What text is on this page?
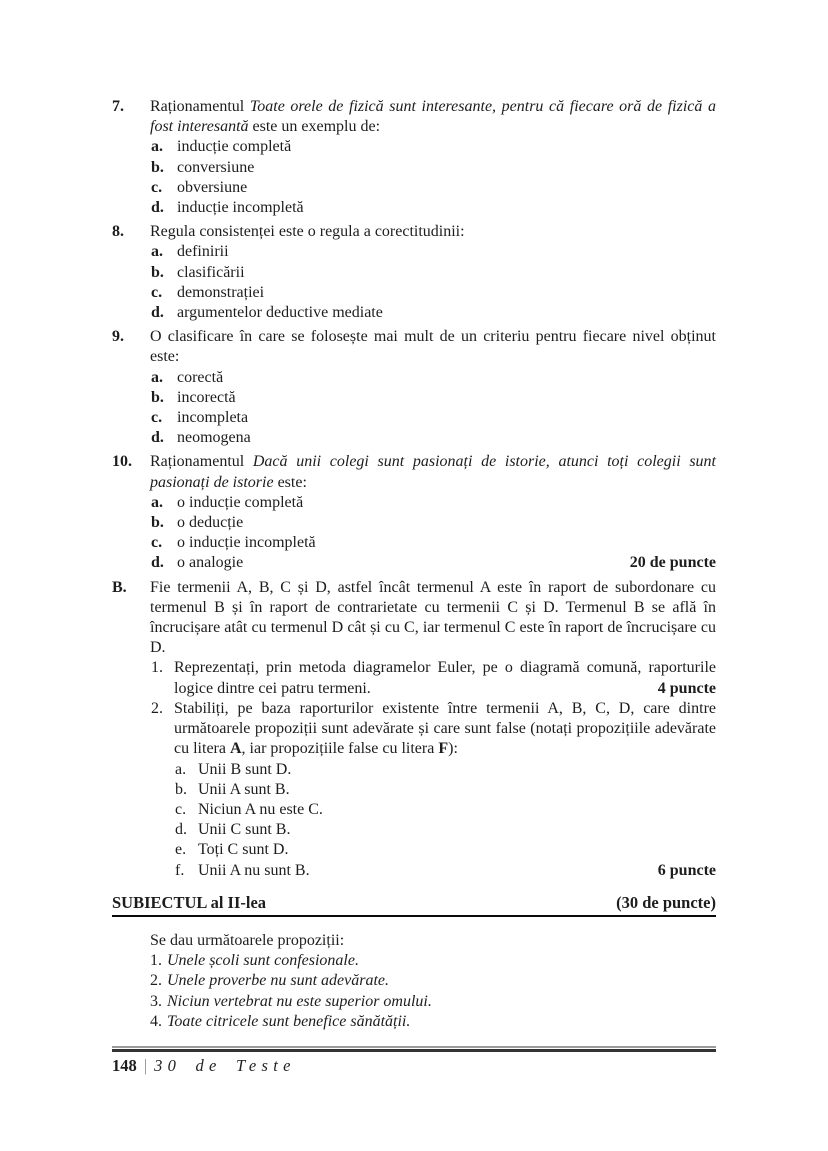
7. Raționamentul Toate orele de fizică sunt interesante, pentru că fiecare oră de fizică a fost interesantă este un exemplu de:

a. inducție completă
b. conversiune
c. obversiune
d. inducție incompletă
8. Regula consistenței este o regula a corectitudinii:

a. definirii
b. clasificării
c. demonstrației
d. argumentelor deductive mediate
9. O clasificare în care se folosește mai mult de un criteriu pentru fiecare nivel obținut este:

a. corectă
b. incorectă
c. incompleta
d. neomogena
10. Raționamentul Dacă unii colegi sunt pasionați de istorie, atunci toți colegii sunt pasionați de istorie este:

a. o inducție completă
b. o deducție
c. o inducție incompletă
d. o analogie	20 de puncte
B. Fie termenii A, B, C și D, astfel încât termenul A este în raport de subordonare cu termenul B și în raport de contrarietate cu termenii C și D. Termenul B se află în încrucișare atât cu termenul D cât și cu C, iar termenul C este în raport de încrucișare cu D.

1. Reprezentați, prin metoda diagramelor Euler, pe o diagramă comună, raporturile logice dintre cei patru termeni.	4 puncte

2. Stabiliți, pe baza raporturilor existente între termenii A, B, C, D, care dintre următoarele propoziții sunt adevărate și care sunt false (notați propozițiile adevărate cu litera A, iar propozițiile false cu litera F):

a. Unii B sunt D.
b. Unii A sunt B.
c. Niciun A nu este C.
d. Unii C sunt B.
e. Toți C sunt D.
f. Unii A nu sunt B.	6 puncte
SUBIECTUL al II-lea	(30 de puncte)

Se dau următoarele propoziții:

1. Unele școli sunt confesionale.
2. Unele proverbe nu sunt adevărate.
3. Niciun vertebrat nu este superior omului.
4. Toate citricele sunt benefice sănătății.
148 | 30 de Teste
